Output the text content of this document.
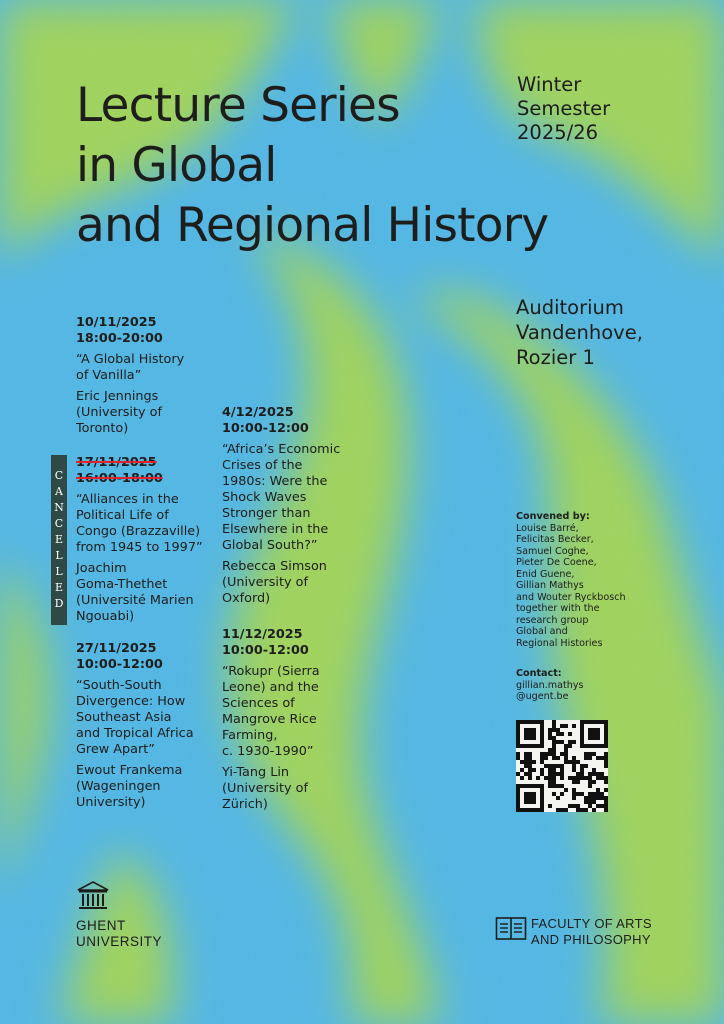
Lecture Series
in Global
and Regional History
Winter
Semester
2025/26
Auditorium
Vandenhove,
Rozier 1
10/11/2025
18:00-20:00
“A Global History
of Vanilla”
Eric Jennings
(University of
Toronto)
C
A
N
C
E
L
L
E
D
17/11/2025
16:00-18:00
“Alliances in the
Political Life of
Congo (Brazzaville)
from 1945 to 1997”
Joachim
Goma-Thethet
(Université Marien
Ngouabi)
27/11/2025
10:00-12:00
“South-South
Divergence: How
Southeast Asia
and Tropical Africa
Grew Apart”
Ewout Frankema
(Wageningen
University)
4/12/2025
10:00-12:00
“Africa’s Economic
Crises of the
1980s: Were the
Shock Waves
Stronger than
Elsewhere in the
Global South?”
Rebecca Simson
(University of
Oxford)
11/12/2025
10:00-12:00
“Rokupr (Sierra
Leone) and the
Sciences of
Mangrove Rice
Farming,
c. 1930-1990”
Yi-Tang Lin
(University of
Zürich)
Convened by:
Louise Barré,
Felicitas Becker,
Samuel Coghe,
Pieter De Coene,
Enid Guene,
Gillian Mathys
and Wouter Ryckbosch
together with the
research group
Global and
Regional Histories
Contact:
gillian.mathys
@ugent.be
GHENT
UNIVERSITY
FACULTY OF ARTS
AND PHILOSOPHY
